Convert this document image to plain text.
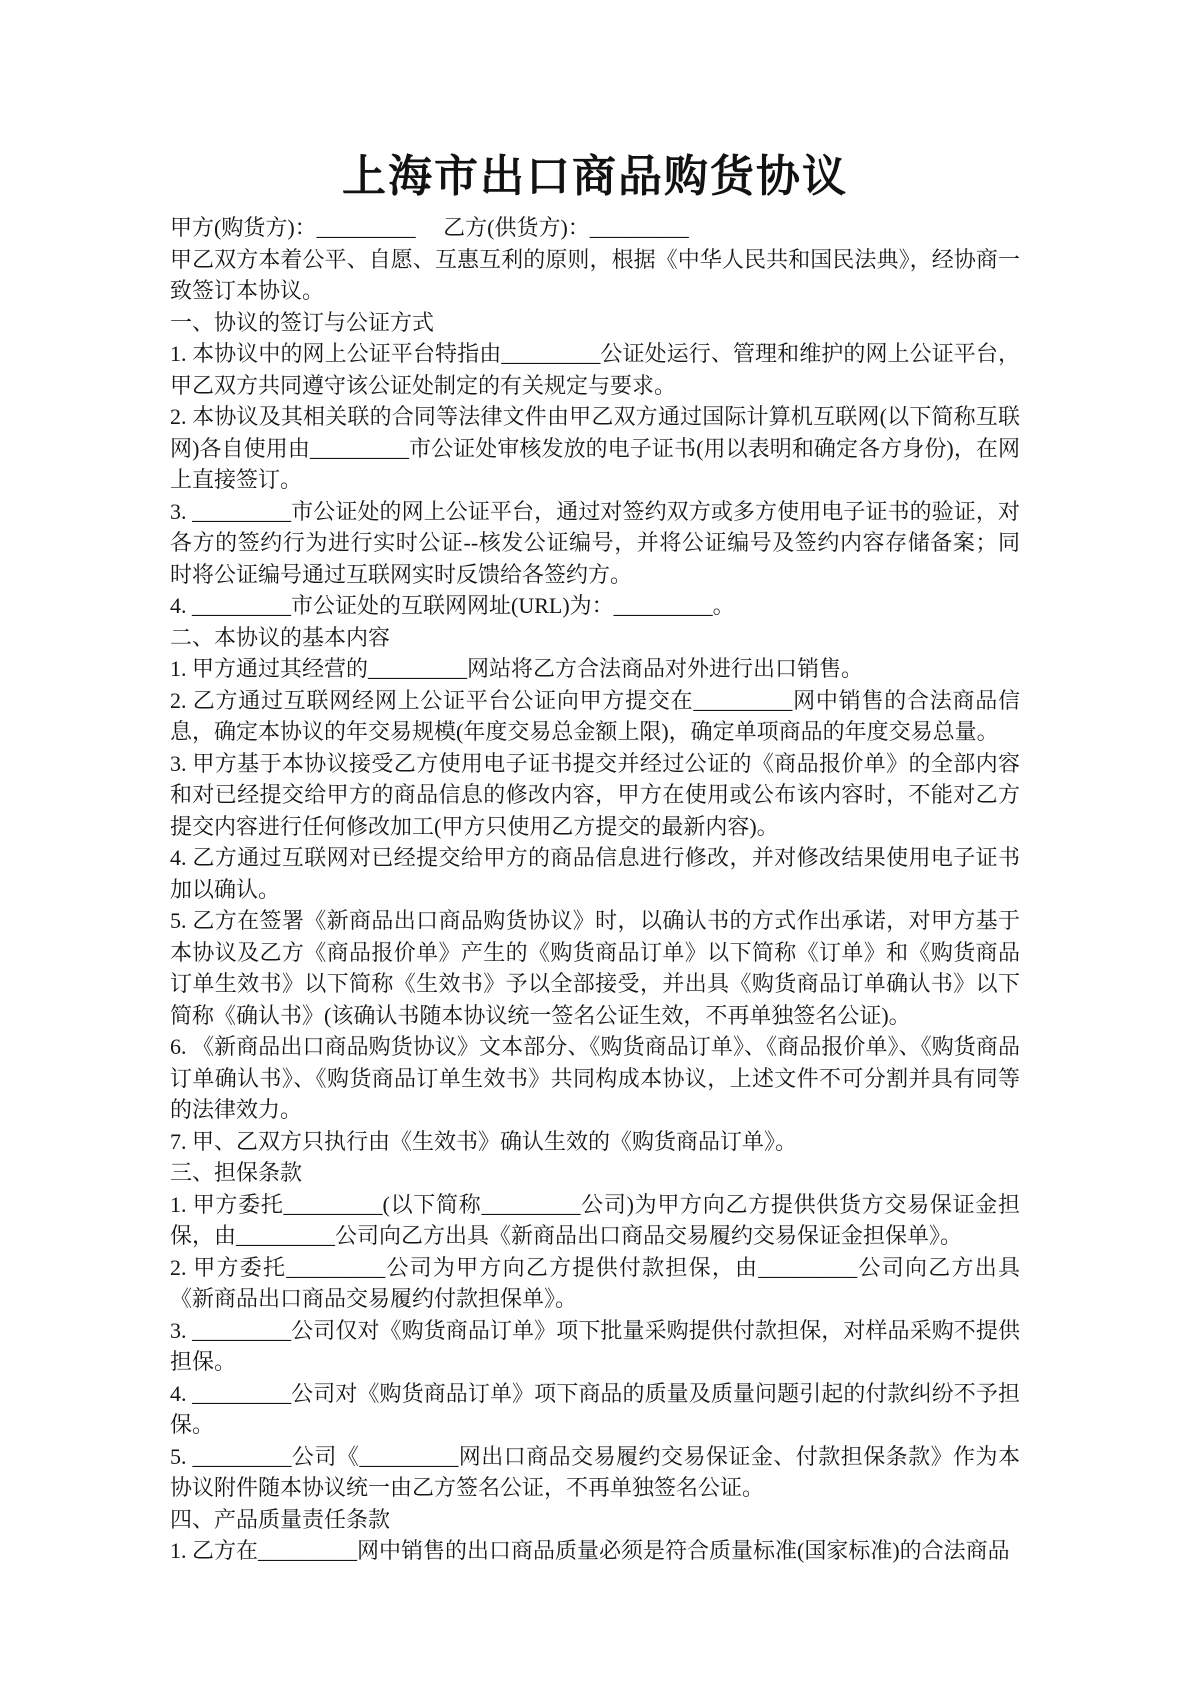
上海市出口商品购货协议

甲方(购货方)：_________　 乙方(供货方)：_________

甲乙双方本着公平、自愿、互惠互利的原则，根据《中华人民共和国民法典》，经协商一致签订本协议。

一、协议的签订与公证方式

1. 本协议中的网上公证平台特指由_________公证处运行、管理和维护的网上公证平台，甲乙双方共同遵守该公证处制定的有关规定与要求。

2. 本协议及其相关联的合同等法律文件由甲乙双方通过国际计算机互联网(以下简称互联网)各自使用由_________市公证处审核发放的电子证书(用以表明和确定各方身份)，在网上直接签订。

3. _________市公证处的网上公证平台，通过对签约双方或多方使用电子证书的验证，对各方的签约行为进行实时公证--核发公证编号，并将公证编号及签约内容存储备案；同时将公证编号通过互联网实时反馈给各签约方。

4. _________市公证处的互联网网址(URL)为：_________。

二、本协议的基本内容

1. 甲方通过其经营的_________网站将乙方合法商品对外进行出口销售。

2. 乙方通过互联网经网上公证平台公证向甲方提交在_________网中销售的合法商品信息，确定本协议的年交易规模(年度交易总金额上限)，确定单项商品的年度交易总量。

3. 甲方基于本协议接受乙方使用电子证书提交并经过公证的《商品报价单》的全部内容和对已经提交给甲方的商品信息的修改内容，甲方在使用或公布该内容时，不能对乙方提交内容进行任何修改加工(甲方只使用乙方提交的最新内容)。

4. 乙方通过互联网对已经提交给甲方的商品信息进行修改，并对修改结果使用电子证书加以确认。

5. 乙方在签署《新商品出口商品购货协议》时，以确认书的方式作出承诺，对甲方基于本协议及乙方《商品报价单》产生的《购货商品订单》以下简称《订单》和《购货商品订单生效书》以下简称《生效书》予以全部接受，并出具《购货商品订单确认书》以下简称《确认书》(该确认书随本协议统一签名公证生效，不再单独签名公证)。

6. 《新商品出口商品购货协议》文本部分、《购货商品订单》、《商品报价单》、《购货商品订单确认书》、《购货商品订单生效书》共同构成本协议，上述文件不可分割并具有同等的法律效力。

7. 甲、乙双方只执行由《生效书》确认生效的《购货商品订单》。

三、担保条款

1. 甲方委托_________(以下简称_________公司)为甲方向乙方提供供货方交易保证金担保，由_________公司向乙方出具《新商品出口商品交易履约交易保证金担保单》。

2. 甲方委托_________公司为甲方向乙方提供付款担保，由_________公司向乙方出具《新商品出口商品交易履约付款担保单》。

3. _________公司仅对《购货商品订单》项下批量采购提供付款担保，对样品采购不提供担保。

4. _________公司对《购货商品订单》项下商品的质量及质量问题引起的付款纠纷不予担保。

5. _________公司《_________网出口商品交易履约交易保证金、付款担保条款》作为本协议附件随本协议统一由乙方签名公证，不再单独签名公证。

四、产品质量责任条款

1. 乙方在_________网中销售的出口商品质量必须是符合质量标准(国家标准)的合法商品
